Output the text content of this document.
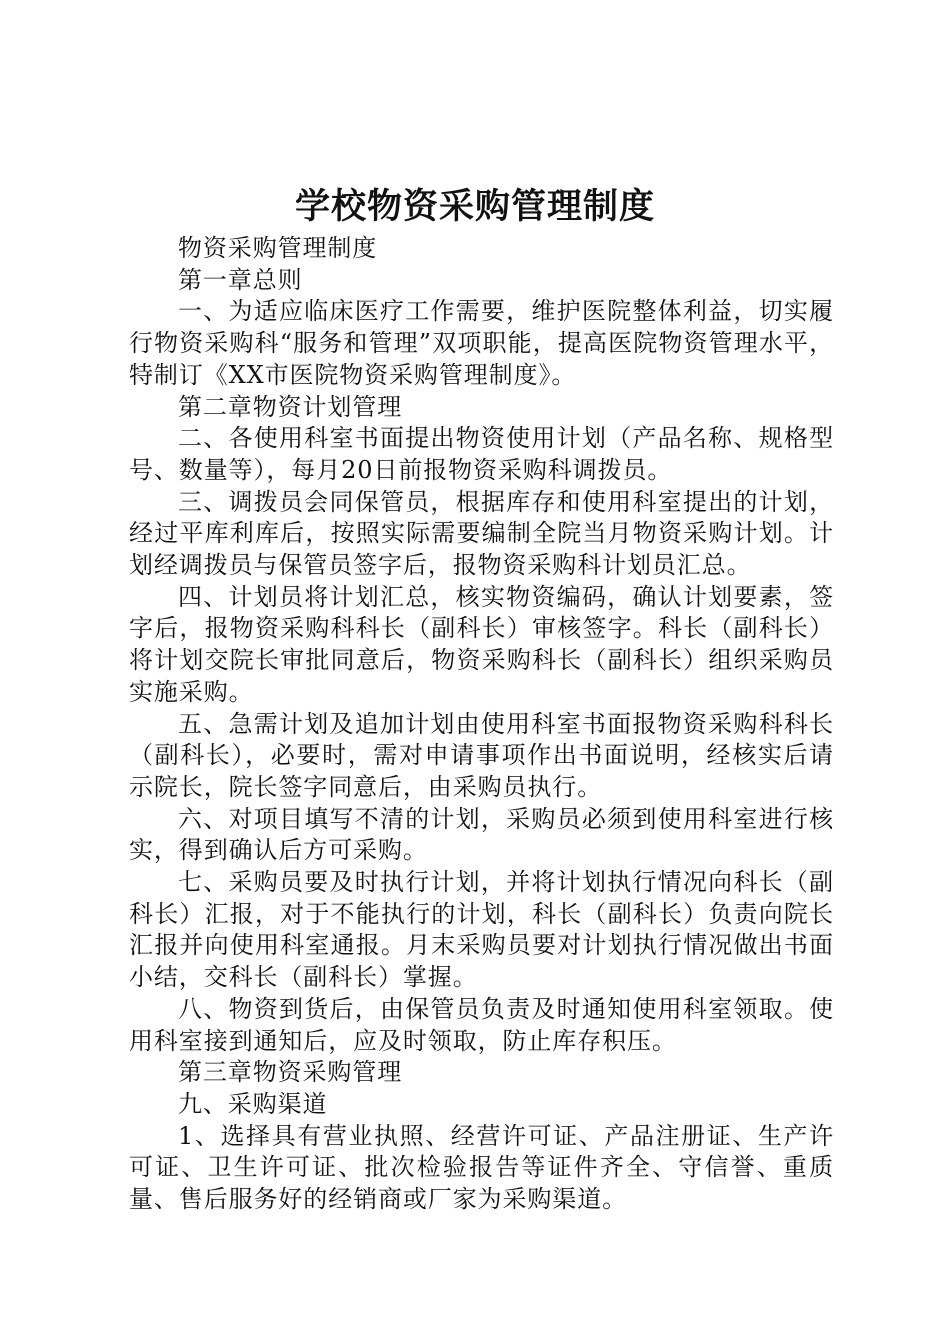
学校物资采购管理制度

物资采购管理制度

第一章总则

一、为适应临床医疗工作需要，维护医院整体利益，切实履行物资采购科“服务和管理”双项职能，提高医院物资管理水平，特制订《XX市医院物资采购管理制度》。

第二章物资计划管理

二、各使用科室书面提出物资使用计划（产品名称、规格型号、数量等），每月20日前报物资采购科调拨员。

三、调拨员会同保管员，根据库存和使用科室提出的计划，经过平库利库后，按照实际需要编制全院当月物资采购计划。计划经调拨员与保管员签字后，报物资采购科计划员汇总。

四、计划员将计划汇总，核实物资编码，确认计划要素，签字后，报物资采购科科长（副科长）审核签字。科长（副科长）将计划交院长审批同意后，物资采购科长（副科长）组织采购员实施采购。

五、急需计划及追加计划由使用科室书面报物资采购科科长（副科长），必要时，需对申请事项作出书面说明，经核实后请示院长，院长签字同意后，由采购员执行。

六、对项目填写不清的计划，采购员必须到使用科室进行核实，得到确认后方可采购。

七、采购员要及时执行计划，并将计划执行情况向科长（副科长）汇报，对于不能执行的计划，科长（副科长）负责向院长汇报并向使用科室通报。月末采购员要对计划执行情况做出书面小结，交科长（副科长）掌握。

八、物资到货后，由保管员负责及时通知使用科室领取。使用科室接到通知后，应及时领取，防止库存积压。

第三章物资采购管理

九、采购渠道

1、选择具有营业执照、经营许可证、产品注册证、生产许可证、卫生许可证、批次检验报告等证件齐全、守信誉、重质量、售后服务好的经销商或厂家为采购渠道。
